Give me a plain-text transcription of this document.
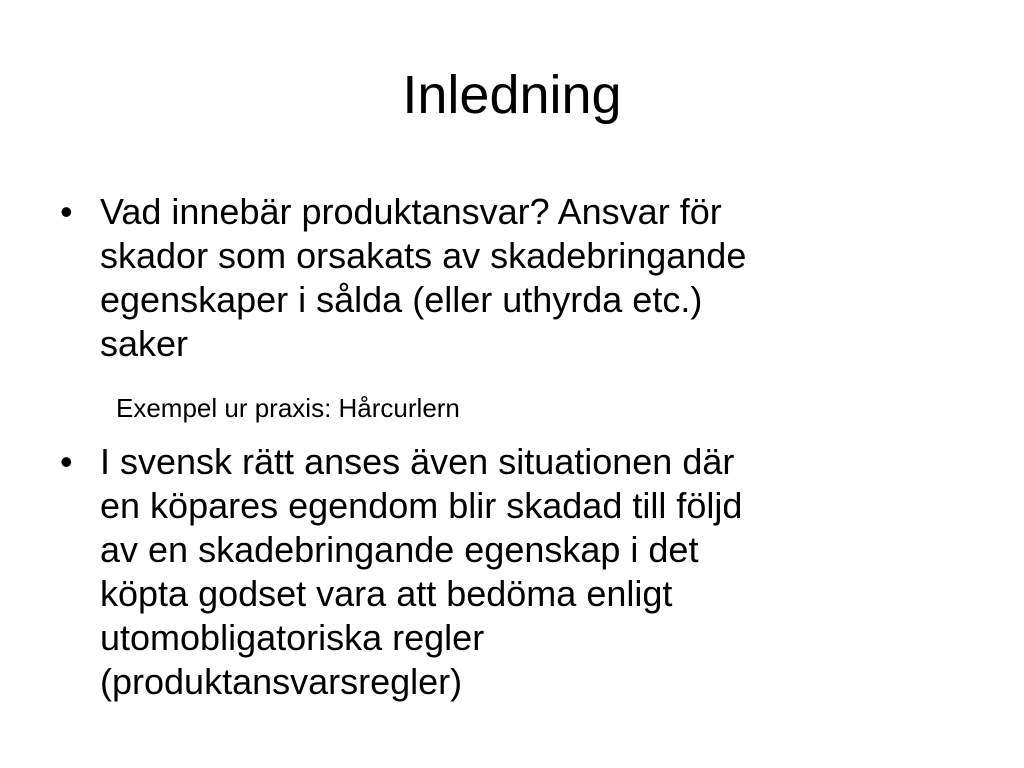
Inledning
• Vad innebär produktansvar? Ansvar för
skador som orsakats av skadebringande
egenskaper i sålda (eller uthyrda etc.)
saker
Exempel ur praxis: Hårcurlern
• I svensk rätt anses även situationen där
en köpares egendom blir skadad till följd
av en skadebringande egenskap i det
köpta godset vara att bedöma enligt
utomobligatoriska regler
(produktansvarsregler)
